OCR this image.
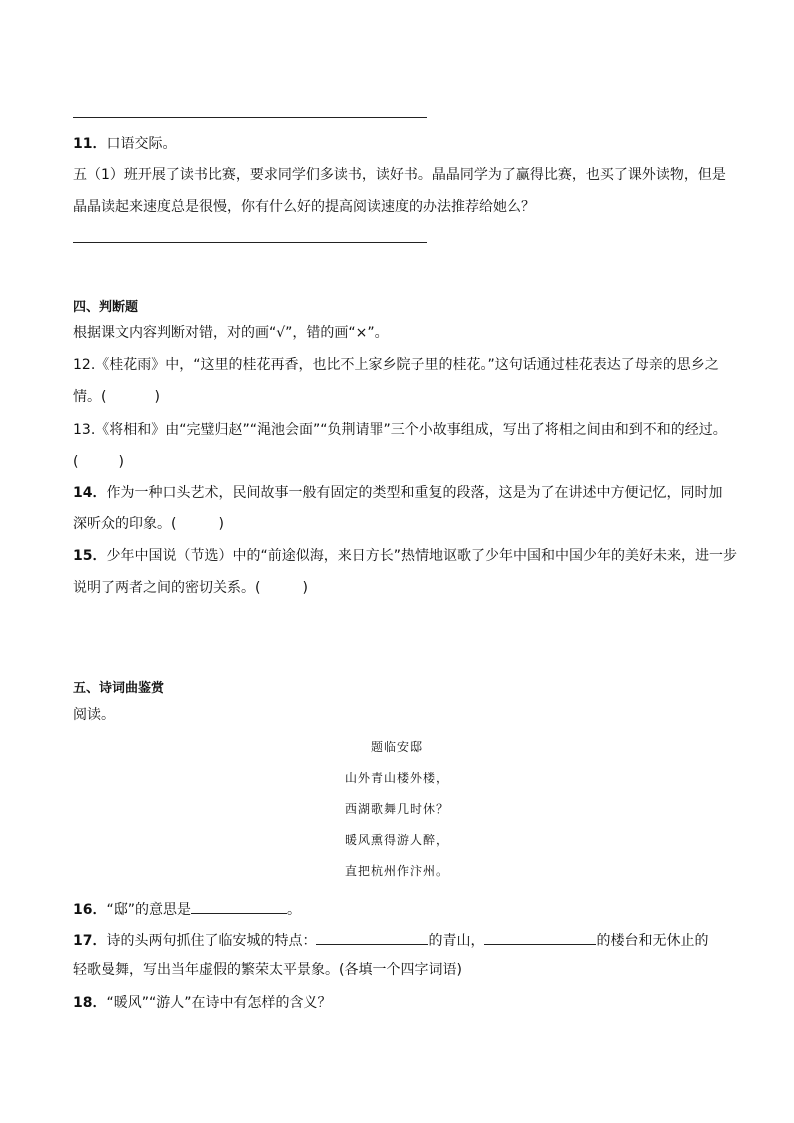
11．口语交际。
五（1）班开展了读书比赛，要求同学们多读书，读好书。晶晶同学为了赢得比赛，也买了课外读物，但是
晶晶读起来速度总是很慢，你有什么好的提高阅读速度的办法推荐给她么？
四、判断题
根据课文内容判断对错，对的画“√”，错的画“×”。
12.《桂花雨》中，“这里的桂花再香，也比不上家乡院子里的桂花。”这句话通过桂花表达了母亲的思乡之
情。(	)
13.《将相和》由“完璧归赵”“渑池会面”“负荆请罪”三个小故事组成，写出了将相之间由和到不和的经过。
(	)
14．作为一种口头艺术，民间故事一般有固定的类型和重复的段落，这是为了在讲述中方便记忆，同时加
深听众的印象。(	)
15．少年中国说（节选）中的“前途似海，来日方长”热情地讴歌了少年中国和中国少年的美好未来，进一步
说明了两者之间的密切关系。(	)
五、诗词曲鉴赏
阅读。
题临安邸
山外青山楼外楼，
西湖歌舞几时休？
暖风熏得游人醉，
直把杭州作汴州。
16．“邸”的意思是	。
17．诗的头两句抓住了临安城的特点：	的青山，	的楼台和无休止的
轻歌曼舞，写出当年虚假的繁荣太平景象。(各填一个四字词语)
18．“暖风”“游人”在诗中有怎样的含义？
